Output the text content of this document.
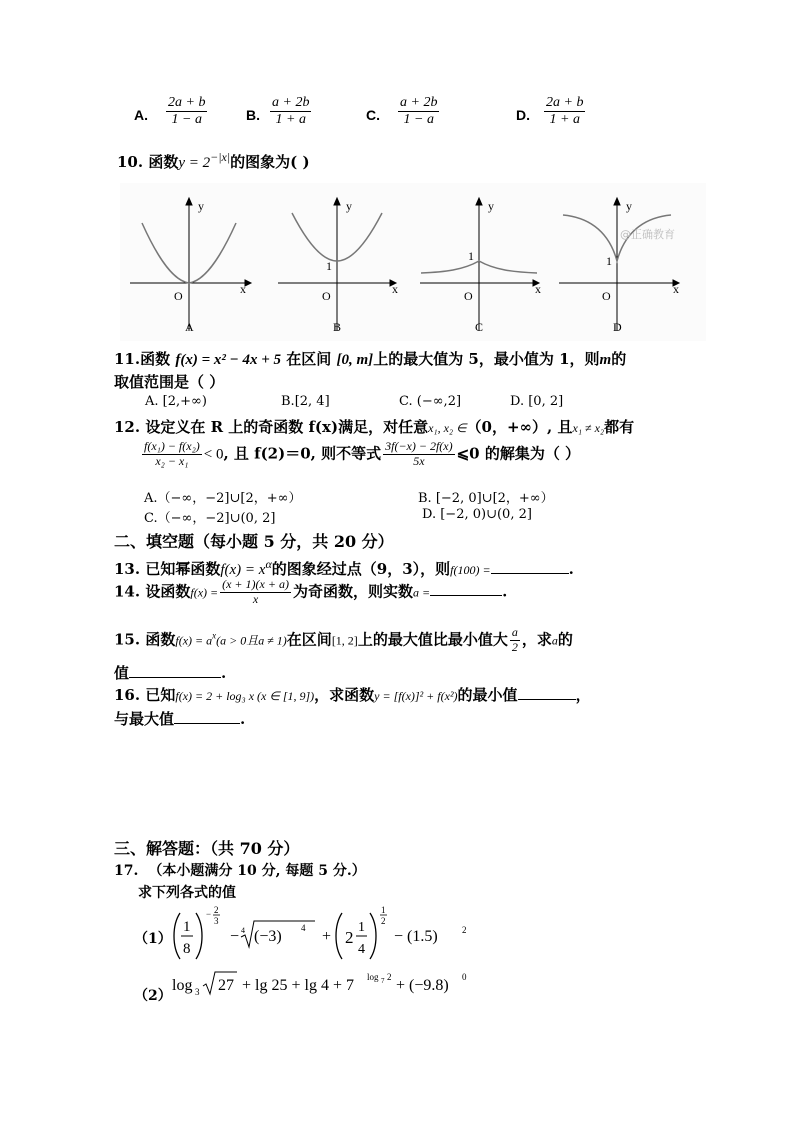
A. $\frac{2a + b}{1 - a}$	B. $\frac{a + 2b}{1 + a}$	C. $\frac{a + 2b}{1 - a}$	D. $\frac{2a + b}{1 + a}$
10. 函数$y = 2^{-|x|}$的图象为( )
y
x
O
A
y
x
O
1
B
y
x
O
1
C
y
x
O
1
D
@正确教育
11.函数 f(x) = x² − 4x + 5 在区间 [0, m]上的最大值为 5，最小值为 1，则m的
取值范围是（ ）
A. [2,+∞)	B.[2, 4]	C. (−∞,2]	D. [0, 2]
12. 设定义在 R 上的奇函数 f(x)满足，对任意x₁, x₂ ∈（0，+∞）, 且x₁ ≠ x₂都有
$\frac{\text{f(x₁) − f(x₂)}}{\text{x₂ − x₁}} < 0$, 且 f(2)＝0, 则不等式 $\frac{3f(-x) - 2f(x)}{5x}$ ⩽0 的解集为（ ）
A.（−∞，−2]∪[2，+∞）	B. [−2, 0]∪[2，+∞）
C.（−∞，−2]∪(0, 2]	D. [−2, 0)∪(0, 2]
二、填空题（每小题 5 分，共 20 分）
13. 已知幂函数$f(x) = x^\alpha$的图象经过点（9，3），则f(100) =	.
14. 设函数$f(x) = \frac{(x + 1)(x + a)}{x}$ 为奇函数，则实数a =	.
15. 函数$f(x) = a^x(a > 0$且a ≠ 1)在区间[1, 2]上的最大值比最小值大 $\frac{a}{2}$ ，求a的
值	.
16. 已知f(x) = 2 + log₃ x (x ∈ [1, 9])，求函数y = [f(x)]² + f(x²)的最小值	，
与最大值	.
三、解答题：（共 70 分）
17. （本小题满分 10 分, 每题 5 分.）
求下列各式的值
（1）
1
8
− 2
3
− 4 (−3) 4 + 2
1
4
1
2
− (1.5)	2
（2）
log 3 27 + lg 25 + lg 4 + 7 log 7 2 + (−9.8) 0
